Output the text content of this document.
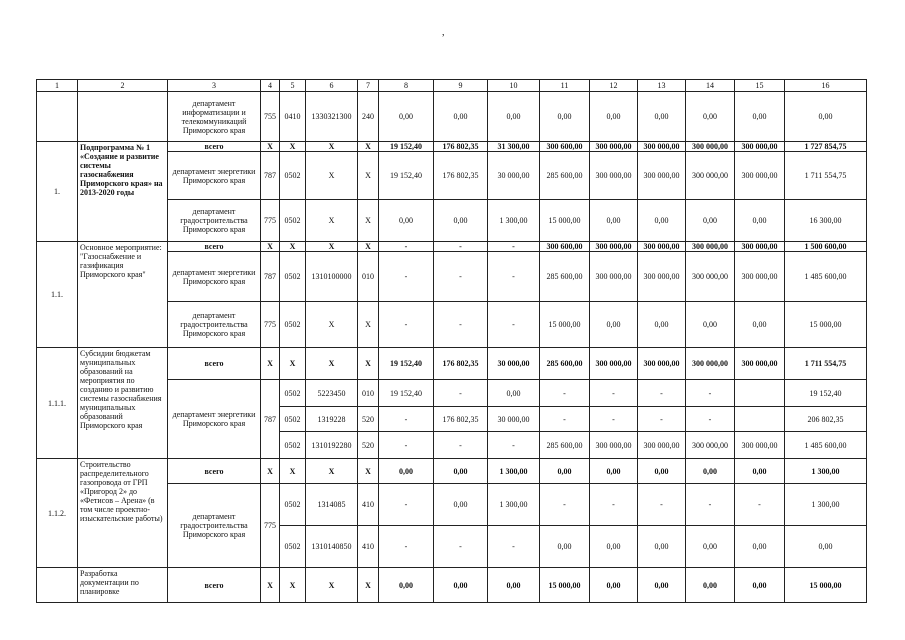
,
1	2	3	4	5	6	7	8	9	10	11	12	13	14	15	16
		департамент информатизации и телекоммуникаций Приморского края	755	0410	1330321300	240	0,00	0,00	0,00	0,00	0,00	0,00	0,00	0,00	0,00
1.	Подпрограмма № 1 «Создание и развитие системы газоснабжения Приморского края» на 2013-2020 годы	всего	X	X	X	X	19 152,40	176 802,35	31 300,00	300 600,00	300 000,00	300 000,00	300 000,00	300 000,00	1 727 854,75
		департамент энергетики Приморского края	787	0502	X	X	19 152,40	176 802,35	30 000,00	285 600,00	300 000,00	300 000,00	300 000,00	300 000,00	1 711 554,75
		департамент градостроительства Приморского края	775	0502	X	X	0,00	0,00	1 300,00	15 000,00	0,00	0,00	0,00	0,00	16 300,00
1.1.	Основное мероприятие: "Газоснабжение и газификация Приморского края"	всего	X	X	X	X	-	-	-	300 600,00	300 000,00	300 000,00	300 000,00	300 000,00	1 500 600,00
		департамент энергетики Приморского края	787	0502	1310100000	010	-	-	-	285 600,00	300 000,00	300 000,00	300 000,00	300 000,00	1 485 600,00
		департамент градостроительства Приморского края	775	0502	X	X	-	-	-	15 000,00	0,00	0,00	0,00	0,00	15 000,00
1.1.1.	Субсидии бюджетам муниципальных образований на мероприятия по созданию и развитию системы газоснабжения муниципальных образований Приморского края	всего	X	X	X	X	19 152,40	176 802,35	30 000,00	285 600,00	300 000,00	300 000,00	300 000,00	300 000,00	1 711 554,75
		департамент энергетики Приморского края	787	0502	5223450	010	19 152,40	-	0,00	-	-	-	-		19 152,40
				0502	1319228	520	-	176 802,35	30 000,00	-	-	-	-		206 802,35
				0502	1310192280	520	-	-	-	285 600,00	300 000,00	300 000,00	300 000,00	300 000,00	1 485 600,00
1.1.2.	Строительство распределительного газопровода от ГРП «Пригород 2» до «Фетисов – Арена» (в том числе проектно-изыскательские работы)	всего	X	X	X	X	0,00	0,00	1 300,00	0,00	0,00	0,00	0,00	0,00	1 300,00
		департамент градостроительства Приморского края	775	0502	1314085	410	-	0,00	1 300,00	-	-	-	-	-	1 300,00
				0502	1310140850	410	-	-	-	0,00	0,00	0,00	0,00	0,00	0,00
	Разработка документации по планировке	всего	X	X	X	X	0,00	0,00	0,00	15 000,00	0,00	0,00	0,00	0,00	15 000,00
